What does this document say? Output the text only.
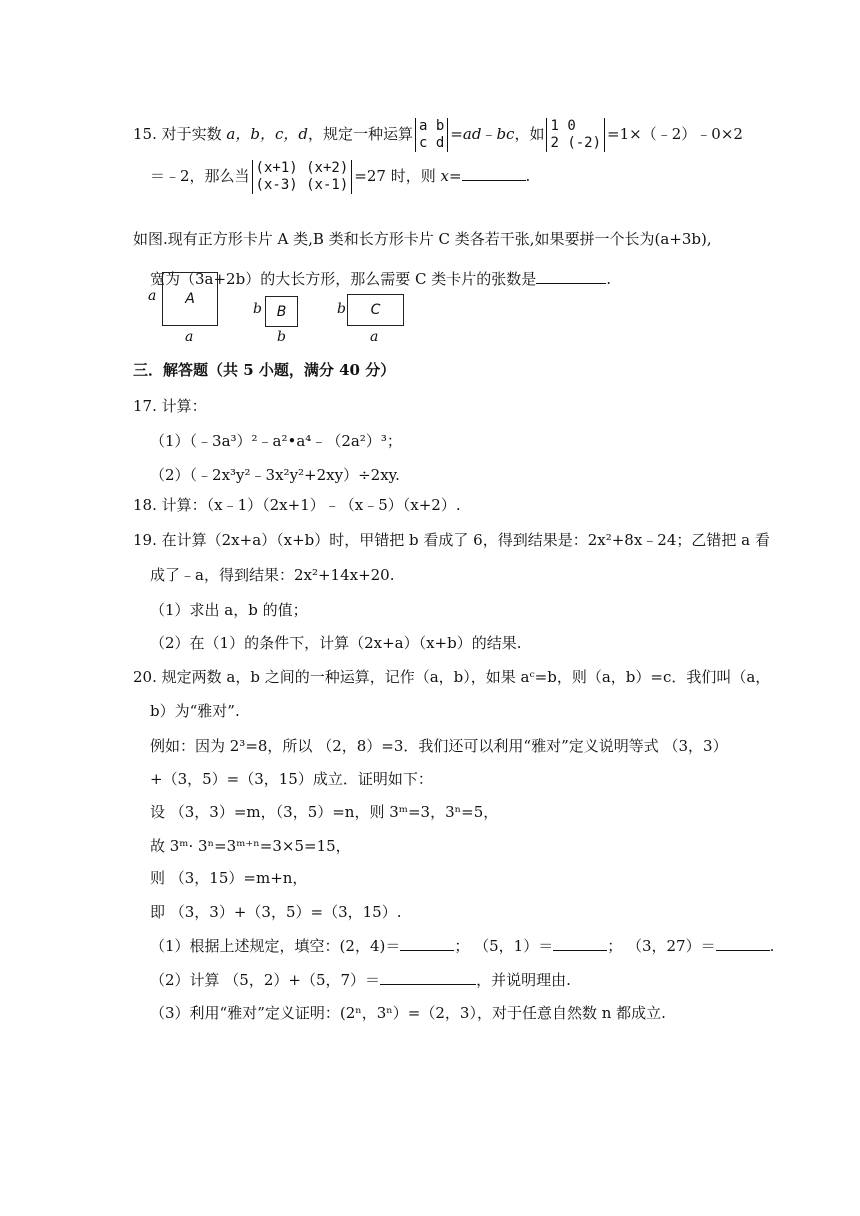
15. 对于实数 a，b，c，d，规定一种运算 a b
c d =ad﹣bc，如 1 0
2 (-2) =1×（﹣2）﹣0×2
＝﹣2，那么当 (x+1) (x+2)
(x-3) (x-1) =27 时，则 x=	.
如图.现有正方形卡片 A 类,B 类和长方形卡片 C 类各若干张,如果要拼一个长为(a+3b),
宽为（3a+2b）的大长方形，那么需要 C 类卡片的张数是	.
a A
a
b B
b
b C
a
三．解答题（共 5 小题，满分 40 分）
17. 计算：
（1）（﹣3a³）²﹣a²•a⁴﹣（2a²）³；
（2）（﹣2x³y²﹣3x²y²+2xy）÷2xy.
18. 计算：（x﹣1）（2x+1）﹣（x﹣5）（x+2）.
19. 在计算（2x+a）（x+b）时，甲错把 b 看成了 6，得到结果是：2x²+8x﹣24；乙错把 a 看
成了﹣a，得到结果：2x²+14x+20.
（1）求出 a，b 的值；
（2）在（1）的条件下，计算（2x+a）（x+b）的结果.
20. 规定两数 a，b 之间的一种运算，记作（a，b），如果 aᶜ=b，则（a，b）=c．我们叫（a，
b）为“雅对”.
例如：因为 2³=8，所以 （2，8）=3．我们还可以利用“雅对”定义说明等式 （3，3）
+（3，5）=（3，15）成立．证明如下：
设 （3，3）=m，（3，5）=n，则 3ᵐ=3，3ⁿ=5，
故 3ᵐ· 3ⁿ=3ᵐ⁺ⁿ=3×5=15，
则 （3，15）=m+n，
即 （3，3）+（3，5）=（3，15）.
（1）根据上述规定，填空：(2，4)＝	； （5，1）＝	； （3，27）＝	.
（2）计算 （5，2）+（5，7）＝	，并说明理由.
（3）利用“雅对”定义证明：(2ⁿ，3ⁿ）=（2，3），对于任意自然数 n 都成立.
